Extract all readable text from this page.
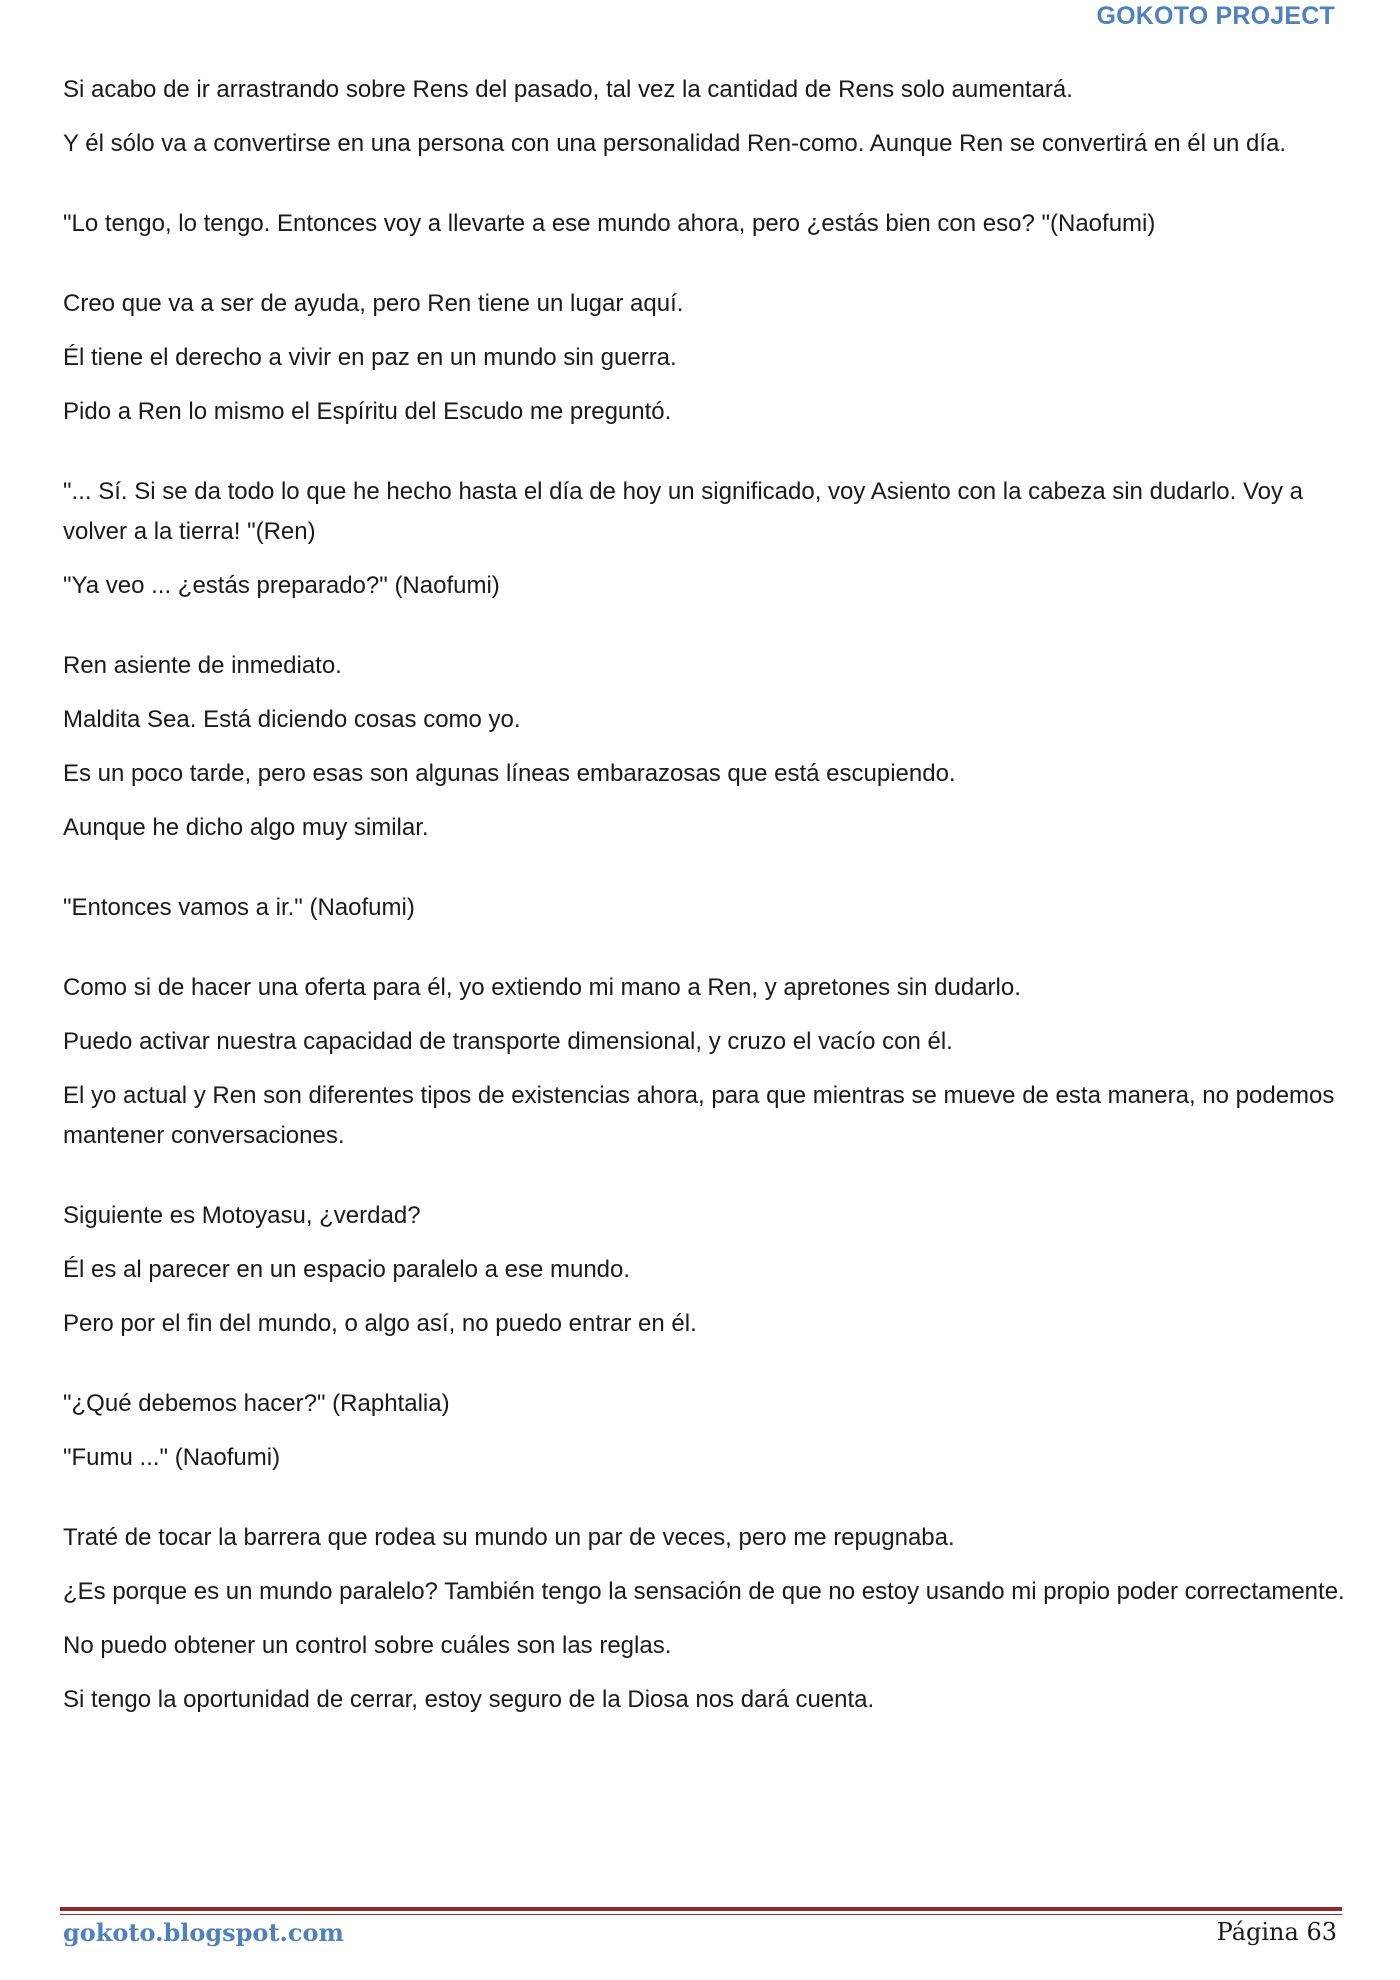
GOKOTO PROJECT

Si acabo de ir arrastrando sobre Rens del pasado, tal vez la cantidad de Rens solo aumentará.

Y él sólo va a convertirse en una persona con una personalidad Ren-como. Aunque Ren se convertirá en él un día.

"Lo tengo, lo tengo. Entonces voy a llevarte a ese mundo ahora, pero ¿estás bien con eso? "(Naofumi)

Creo que va a ser de ayuda, pero Ren tiene un lugar aquí.

Él tiene el derecho a vivir en paz en un mundo sin guerra.

Pido a Ren lo mismo el Espíritu del Escudo me preguntó.

"... Sí. Si se da todo lo que he hecho hasta el día de hoy un significado, voy Asiento con la cabeza sin dudarlo. Voy a volver a la tierra! "(Ren)

"Ya veo ... ¿estás preparado?" (Naofumi)

Ren asiente de inmediato.

Maldita Sea. Está diciendo cosas como yo.

Es un poco tarde, pero esas son algunas líneas embarazosas que está escupiendo.

Aunque he dicho algo muy similar.

"Entonces vamos a ir." (Naofumi)

Como si de hacer una oferta para él, yo extiendo mi mano a Ren, y apretones sin dudarlo.

Puedo activar nuestra capacidad de transporte dimensional, y cruzo el vacío con él.

El yo actual y Ren son diferentes tipos de existencias ahora, para que mientras se mueve de esta manera, no podemos mantener conversaciones.

Siguiente es Motoyasu, ¿verdad?

Él es al parecer en un espacio paralelo a ese mundo.

Pero por el fin del mundo, o algo así, no puedo entrar en él.

"¿Qué debemos hacer?" (Raphtalia)

"Fumu ..." (Naofumi)

Traté de tocar la barrera que rodea su mundo un par de veces, pero me repugnaba.

¿Es porque es un mundo paralelo? También tengo la sensación de que no estoy usando mi propio poder correctamente.

No puedo obtener un control sobre cuáles son las reglas.

Si tengo la oportunidad de cerrar, estoy seguro de la Diosa nos dará cuenta.

gokoto.blogspot.com	Página 63
